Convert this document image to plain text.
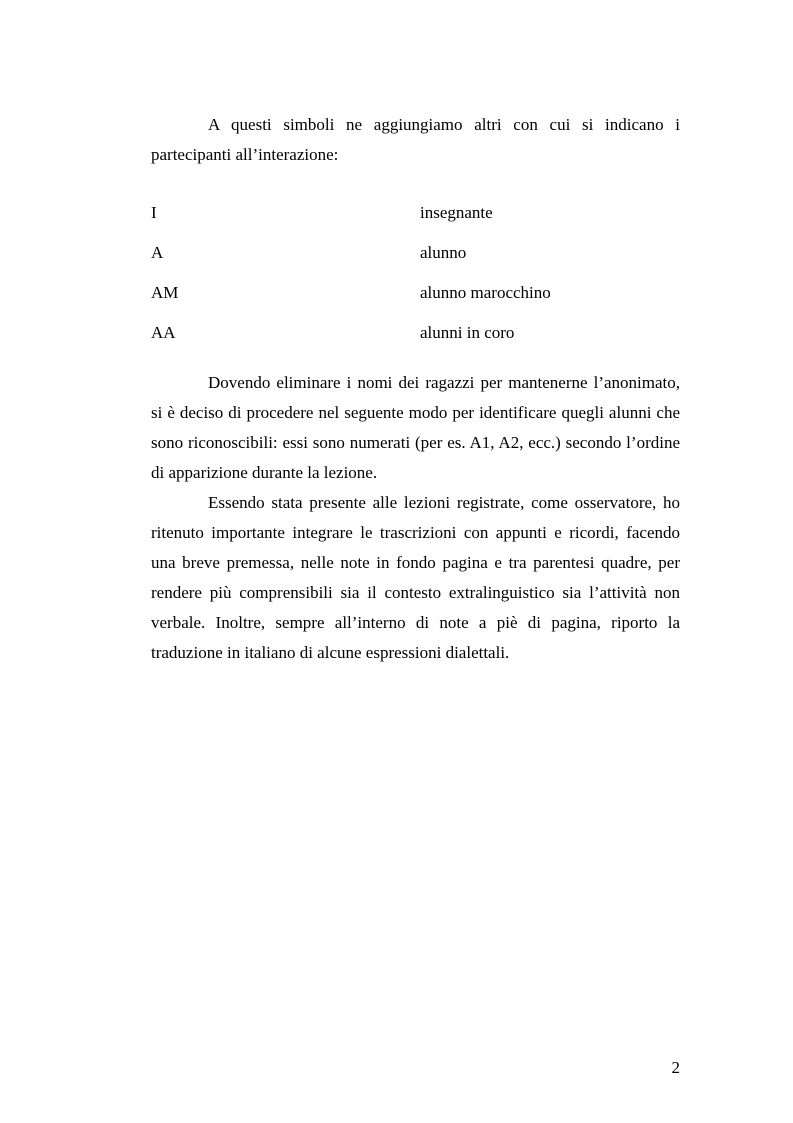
A questi simboli ne aggiungiamo altri con cui si indicano i partecipanti all’interazione:

I	insegnante
A	alunno
AM	alunno marocchino
AA	alunni in coro

Dovendo eliminare i nomi dei ragazzi per mantenerne l’anonimato, si è deciso di procedere nel seguente modo per identificare quegli alunni che sono riconoscibili: essi sono numerati (per es. A1, A2, ecc.) secondo l’ordine di apparizione durante la lezione.

Essendo stata presente alle lezioni registrate, come osservatore, ho ritenuto importante integrare le trascrizioni con appunti e ricordi, facendo una breve premessa, nelle note in fondo pagina e tra parentesi quadre, per rendere più comprensibili sia il contesto extralinguistico sia l’attività non verbale. Inoltre, sempre all’interno di note a piè di pagina, riporto la traduzione in italiano di alcune espressioni dialettali.

2
